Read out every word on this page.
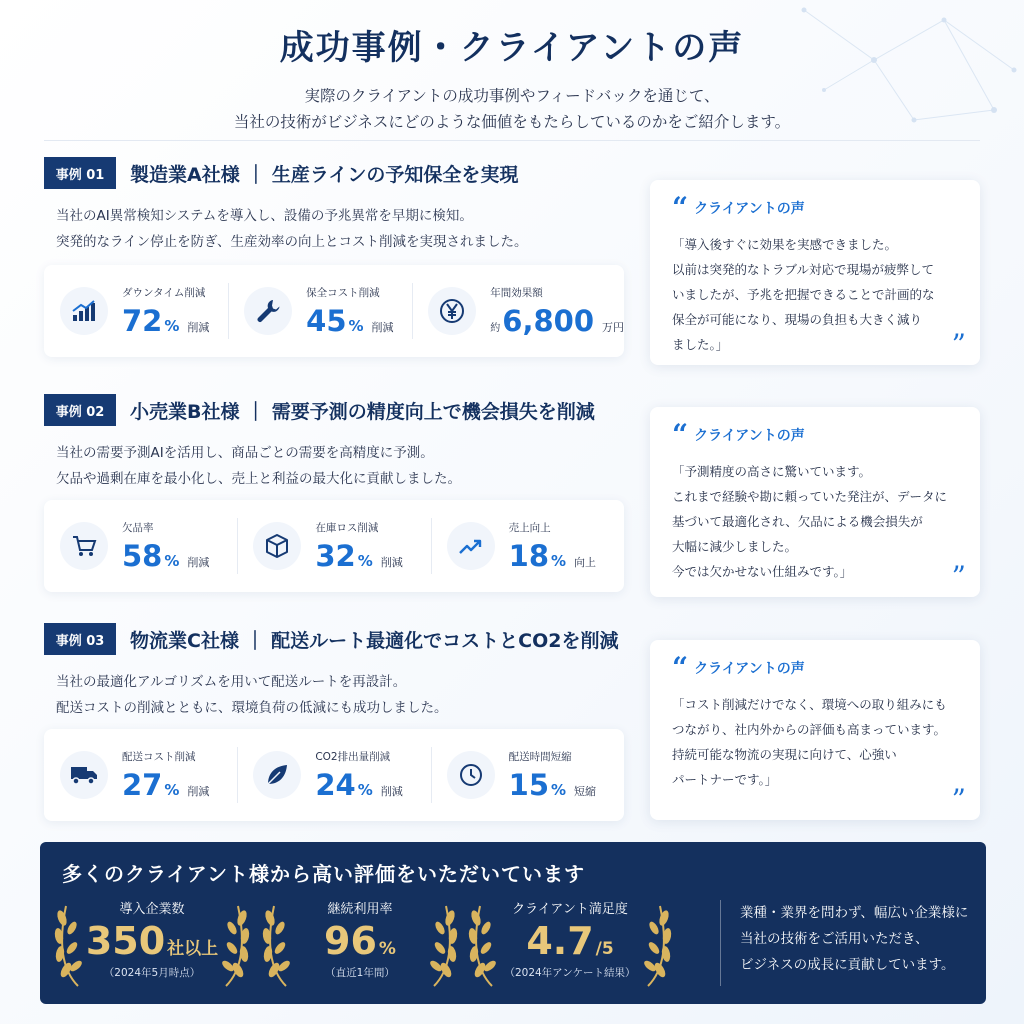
成功事例・クライアントの声
実際のクライアントの成功事例やフィードバックを通じて、
当社の技術がビジネスにどのような価値をもたらしているのかをご紹介します。
事例 01	製造業A社様 ｜ 生産ラインの予知保全を実現
当社のAI異常検知システムを導入し、設備の予兆異常を早期に検知。
突発的なライン停止を防ぎ、生産効率の向上とコスト削減を実現されました。
ダウンタイム削減
72 % 削減
保全コスト削減
45 % 削減
年間効果額
約 6,800 万円
“ クライアントの声
「導入後すぐに効果を実感できました。
以前は突発的なトラブル対応で現場が疲弊して
いましたが、予兆を把握できることで計画的な
保全が可能になり、現場の負担も大きく減り
ました。」	”
事例 02	小売業B社様 ｜ 需要予測の精度向上で機会損失を削減
当社の需要予測AIを活用し、商品ごとの需要を高精度に予測。
欠品や過剰在庫を最小化し、売上と利益の最大化に貢献しました。
欠品率
58 % 削減
在庫ロス削減
32 % 削減
売上向上
18 % 向上
“ クライアントの声
「予測精度の高さに驚いています。
これまで経験や勘に頼っていた発注が、データに
基づいて最適化され、欠品による機会損失が
大幅に減少しました。
今では欠かせない仕組みです。」	”
事例 03	物流業C社様 ｜ 配送ルート最適化でコストとCO2を削減
当社の最適化アルゴリズムを用いて配送ルートを再設計。
配送コストの削減とともに、環境負荷の低減にも成功しました。
配送コスト削減
27 % 削減
CO2排出量削減
24 % 削減
配送時間短縮
15 % 短縮
“ クライアントの声
「コスト削減だけでなく、環境への取り組みにも
つながり、社内外からの評価も高まっています。
持続可能な物流の実現に向けて、心強い
パートナーです。」
”
多くのクライアント様から高い評価をいただいています
導入企業数
350 社以上
（2024年5月時点）
継続利用率
96 %
（直近1年間）
クライアント満足度
4.7 /5
（2024年アンケート結果）
業種・業界を問わず、幅広い企業様に
当社の技術をご活用いただき、
ビジネスの成長に貢献しています。
